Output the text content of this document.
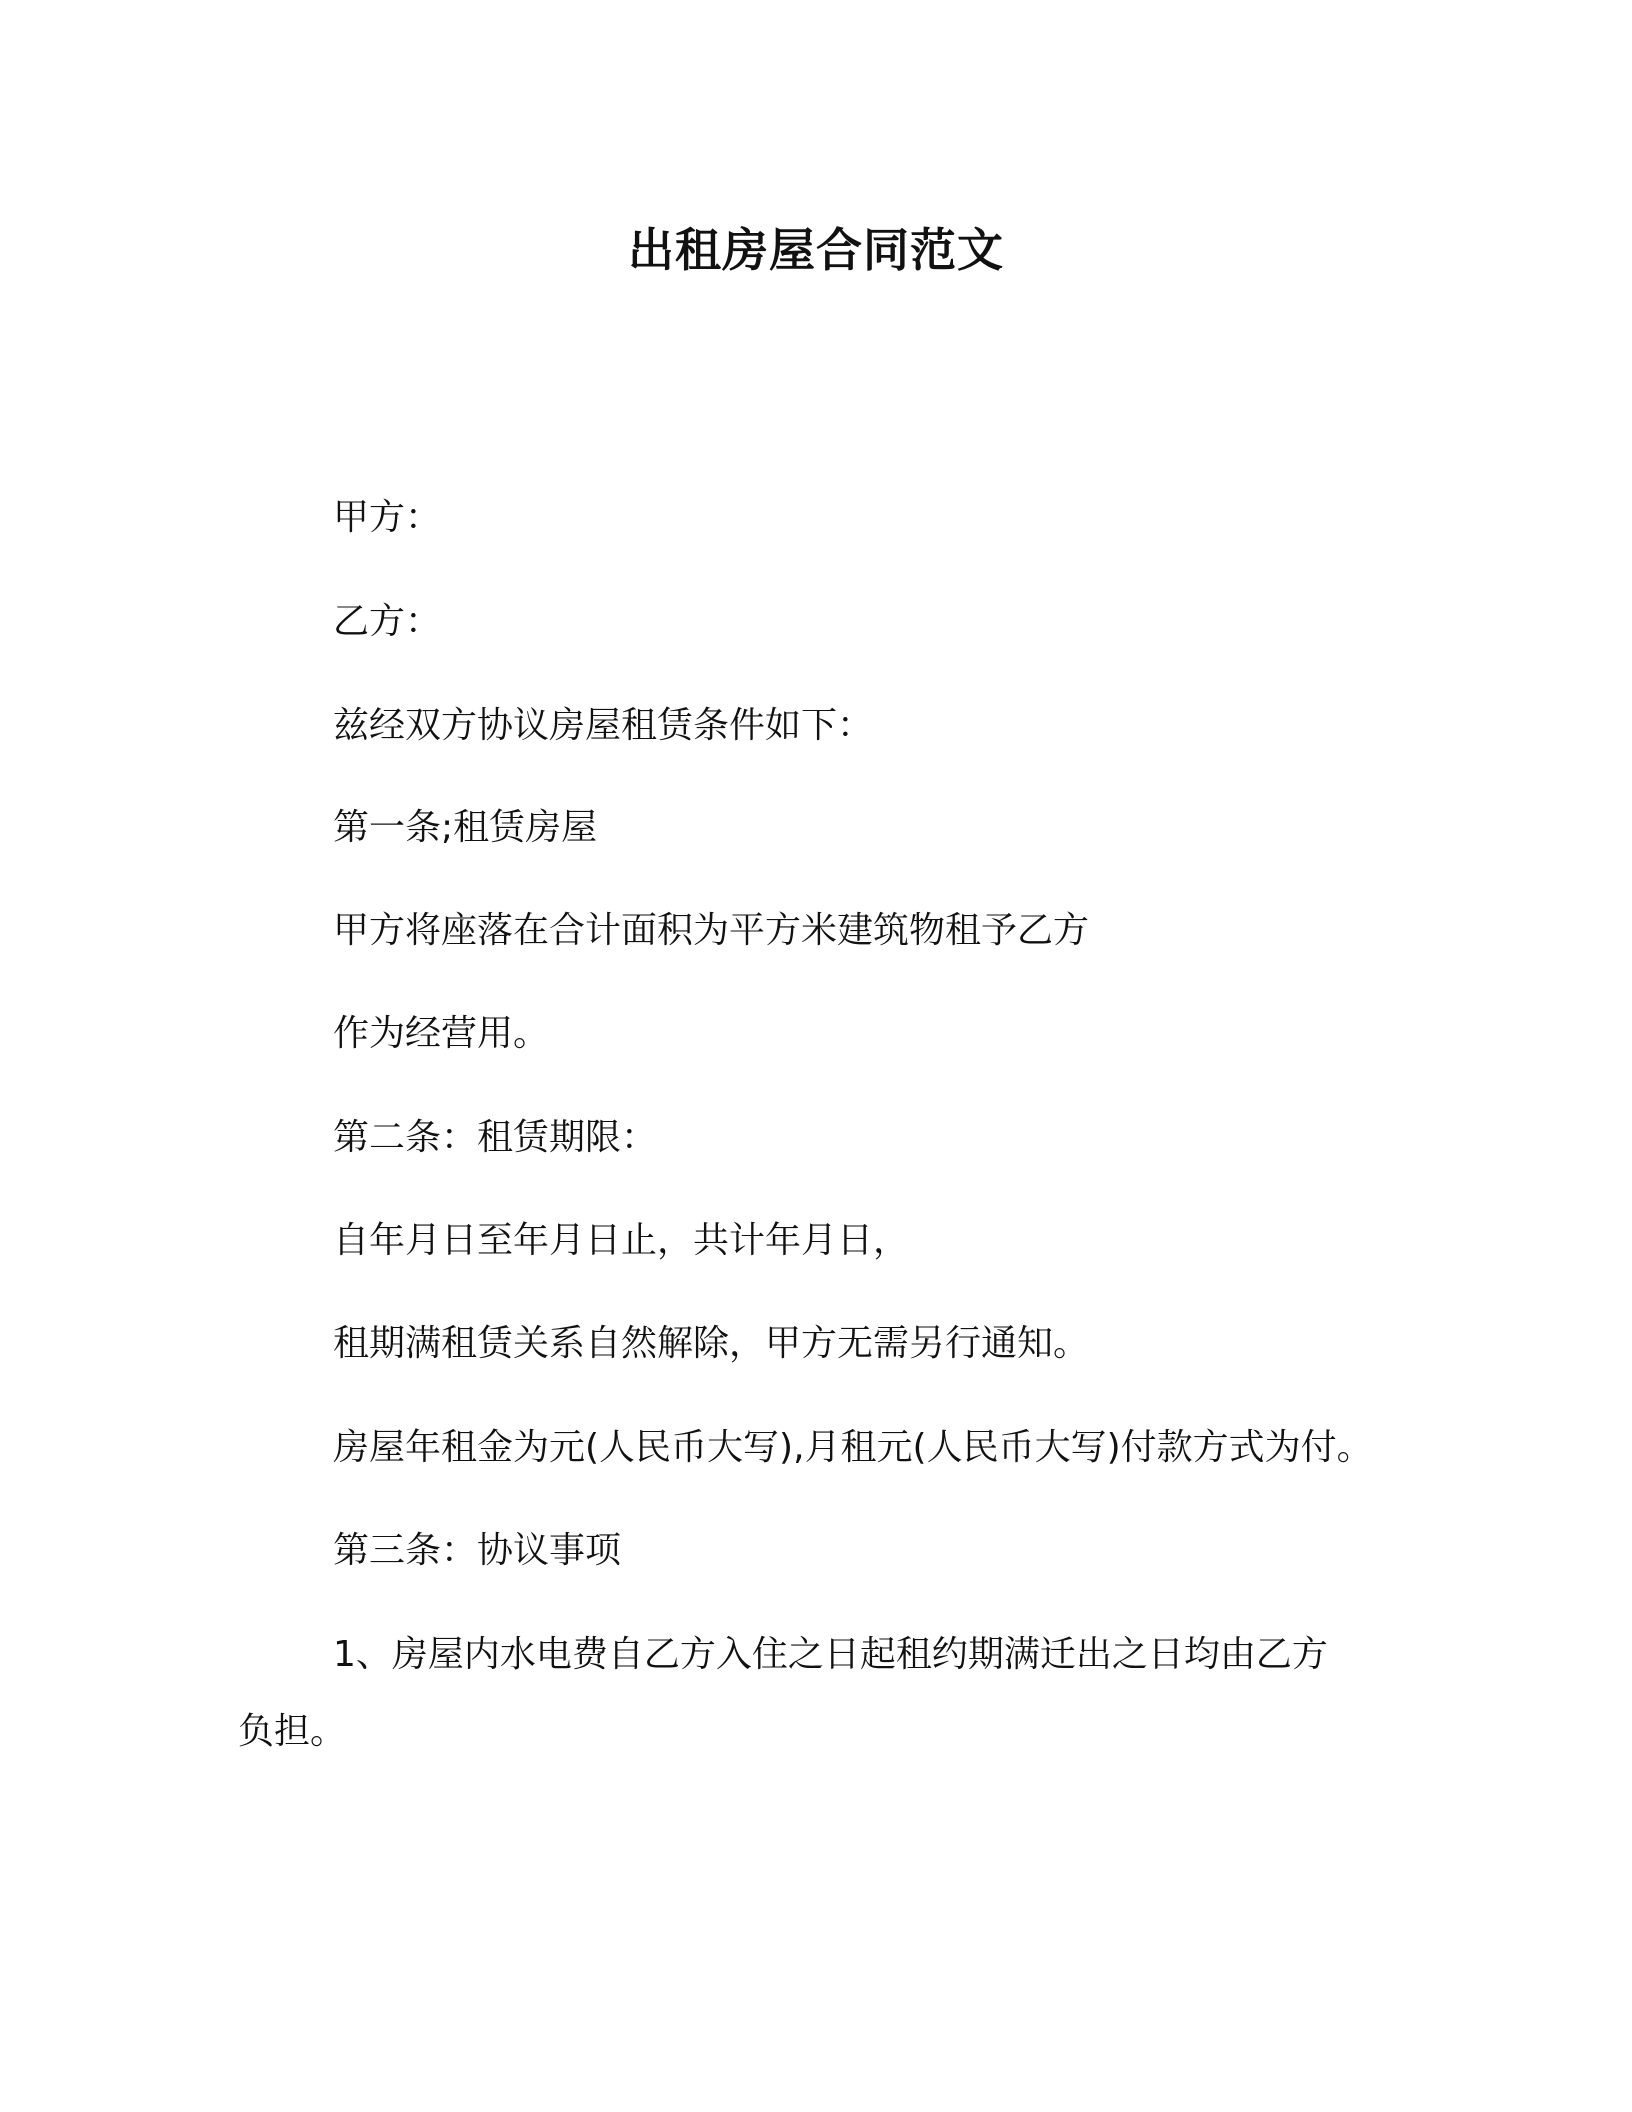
出租房屋合同范文
甲方：
乙方：
兹经双方协议房屋租赁条件如下：
第一条;租赁房屋
甲方将座落在合计面积为平方米建筑物租予乙方
作为经营用。
第二条：租赁期限：
自年月日至年月日止，共计年月日，
租期满租赁关系自然解除，甲方无需另行通知。
房屋年租金为元(人民币大写),月租元(人民币大写)付款方式为付。
第三条：协议事项
1、房屋内水电费自乙方入住之日起租约期满迁出之日均由乙方
负担。
